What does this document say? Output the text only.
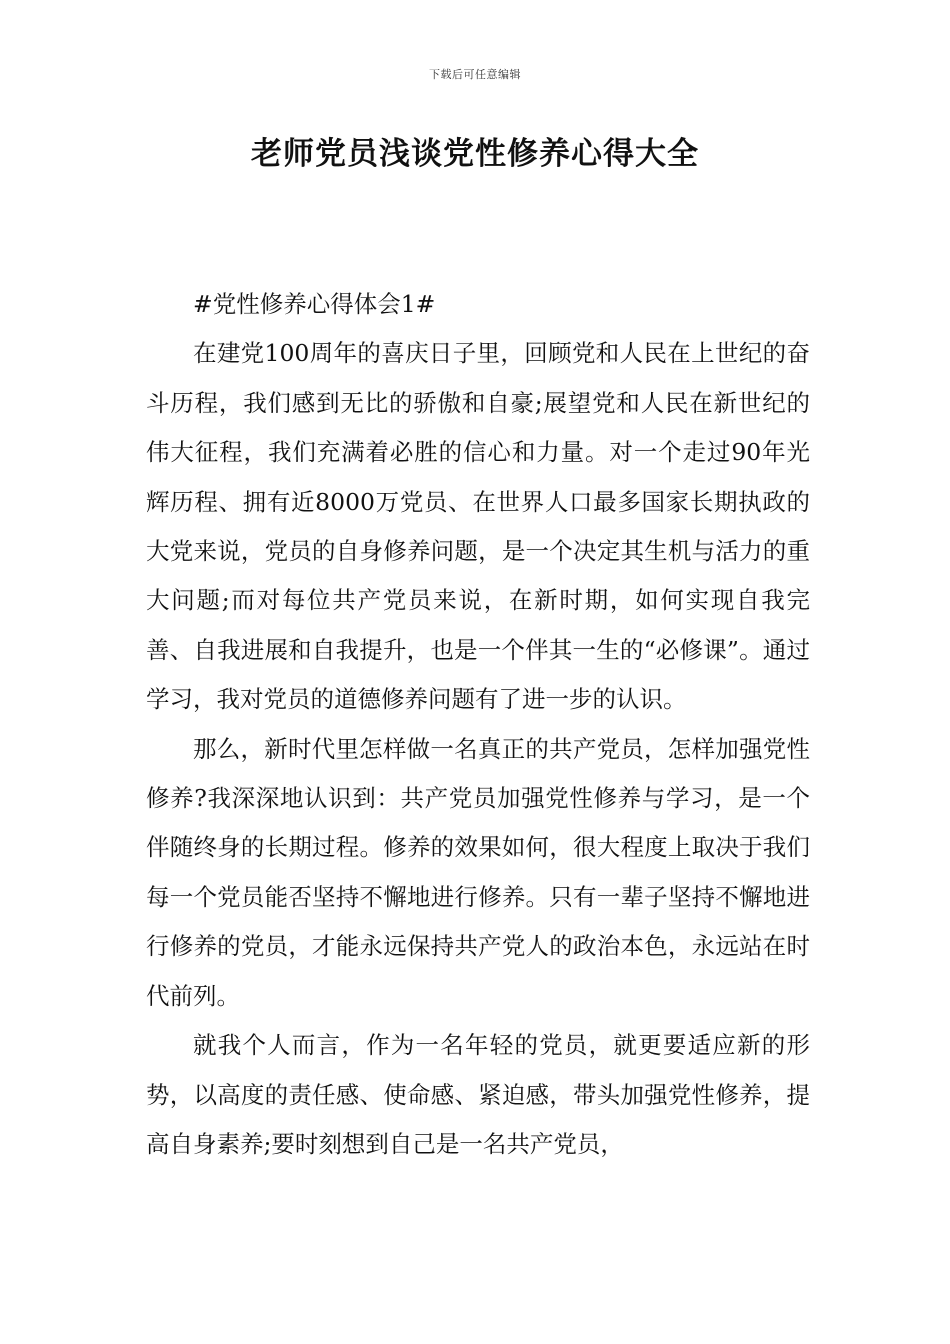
下载后可任意编辑
老师党员浅谈党性修养心得大全

#党性修养心得体会1#

在建党100周年的喜庆日子里，回顾党和人民在上世纪的奋斗历程，我们感到无比的骄傲和自豪;展望党和人民在新世纪的伟大征程，我们充满着必胜的信心和力量。对一个走过90年光辉历程、拥有近8000万党员、在世界人口最多国家长期执政的大党来说，党员的自身修养问题，是一个决定其生机与活力的重大问题;而对每位共产党员来说，在新时期，如何实现自我完善、自我进展和自我提升，也是一个伴其一生的“必修课”。通过学习，我对党员的道德修养问题有了进一步的认识。

那么，新时代里怎样做一名真正的共产党员，怎样加强党性修养?我深深地认识到：共产党员加强党性修养与学习，是一个伴随终身的长期过程。修养的效果如何，很大程度上取决于我们每一个党员能否坚持不懈地进行修养。只有一辈子坚持不懈地进行修养的党员，才能永远保持共产党人的政治本色，永远站在时代前列。

就我个人而言，作为一名年轻的党员，就更要适应新的形势，以高度的责任感、使命感、紧迫感，带头加强党性修养，提高自身素养;要时刻想到自己是一名共产党员，
